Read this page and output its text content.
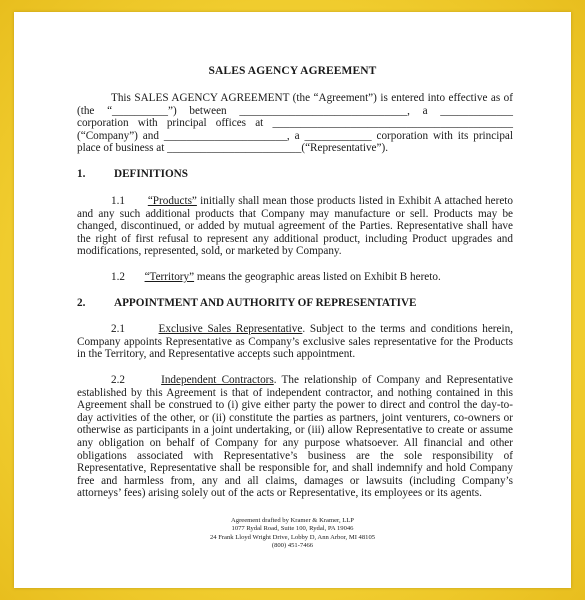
SALES AGENCY AGREEMENT

This SALES AGENCY AGREEMENT (the “Agreement”) is entered into effective as of (the “__________”) between ______________________________, a _____________ corporation with principal offices at ___________________________________________ (“Company”) and ______________________, a ____________ corporation with its principal place of business at ________________________(“Representative”).

1.	DEFINITIONS

1.1 “Products” initially shall mean those products listed in Exhibit A attached hereto and any such additional products that Company may manufacture or sell. Products may be changed, discontinued, or added by mutual agreement of the Parties. Representative shall have the right of first refusal to represent any additional product, including Product upgrades and modifications, represented, sold, or marketed by Company.

1.2 “Territory” means the geographic areas listed on Exhibit B hereto.

2.	APPOINTMENT AND AUTHORITY OF REPRESENTATIVE

2.1	Exclusive Sales Representative. Subject to the terms and conditions herein, Company appoints Representative as Company’s exclusive sales representative for the Products in the Territory, and Representative accepts such appointment.

2.2	Independent Contractors. The relationship of Company and Representative established by this Agreement is that of independent contractor, and nothing contained in this Agreement shall be construed to (i) give either party the power to direct and control the day-to-day activities of the other, or (ii) constitute the parties as partners, joint venturers, co-owners or otherwise as participants in a joint undertaking, or (iii) allow Representative to create or assume any obligation on behalf of Company for any purpose whatsoever. All financial and other obligations associated with Representative’s business are the sole responsibility of Representative, Representative shall be responsible for, and shall indemnify and hold Company free and harmless from, any and all claims, damages or lawsuits (including Company’s attorneys’ fees) arising solely out of the acts or Representative, its employees or its agents.

Agreement drafted by Kramer & Kramer, LLP
1077 Rydal Road, Suite 100, Rydal, PA 19046
24 Frank Lloyd Wright Drive, Lobby D, Ann Arbor, MI 48105
(800) 451-7466
